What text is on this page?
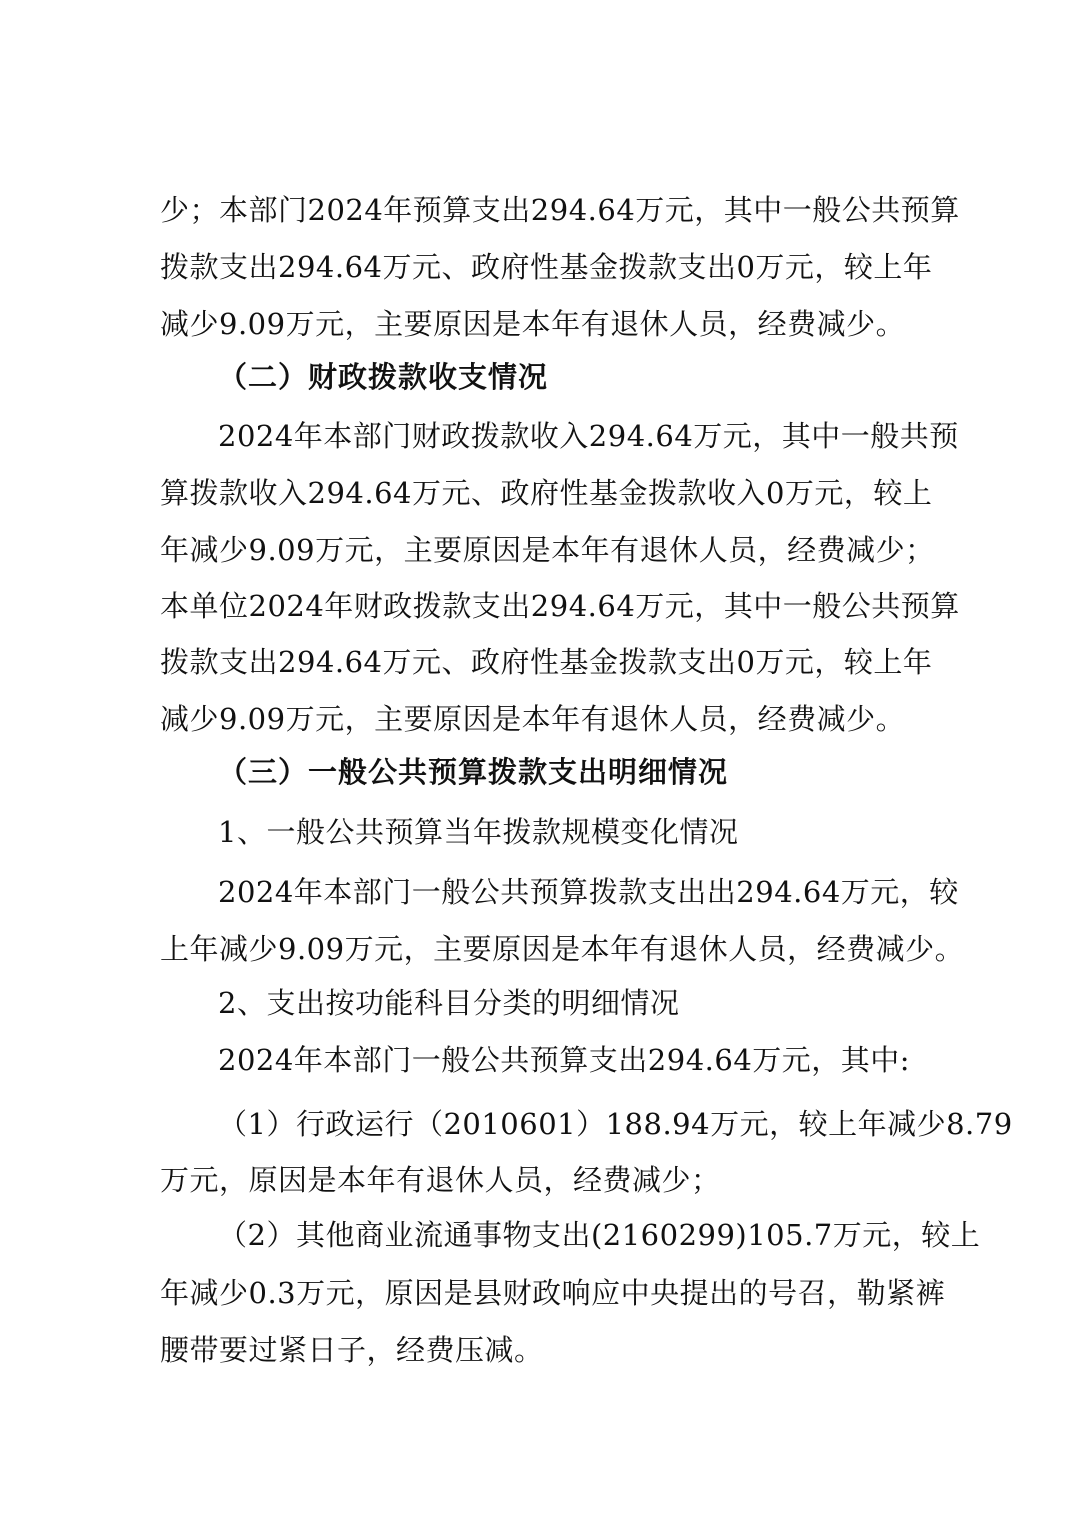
少；本部门2024年预算支出294.64万元，其中一般公共预算
拨款支出294.64万元、政府性基金拨款支出0万元，较上年
减少9.09万元，主要原因是本年有退休人员，经费减少。
（二）财政拨款收支情况
2024年本部门财政拨款收入294.64万元，其中一般共预
算拨款收入294.64万元、政府性基金拨款收入0万元，较上
年减少9.09万元，主要原因是本年有退休人员，经费减少；
本单位2024年财政拨款支出294.64万元，其中一般公共预算
拨款支出294.64万元、政府性基金拨款支出0万元，较上年
减少9.09万元，主要原因是本年有退休人员，经费减少。
（三）一般公共预算拨款支出明细情况
1、一般公共预算当年拨款规模变化情况
2024年本部门一般公共预算拨款支出出294.64万元，较
上年减少9.09万元，主要原因是本年有退休人员，经费减少。
2、支出按功能科目分类的明细情况
2024年本部门一般公共预算支出294.64万元，其中:
（1）行政运行（2010601）188.94万元，较上年减少8.79
万元，原因是本年有退休人员，经费减少；
（2）其他商业流通事物支出(2160299)105.7万元，较上
年减少0.3万元，原因是县财政响应中央提出的号召，勒紧裤
腰带要过紧日子，经费压减。
